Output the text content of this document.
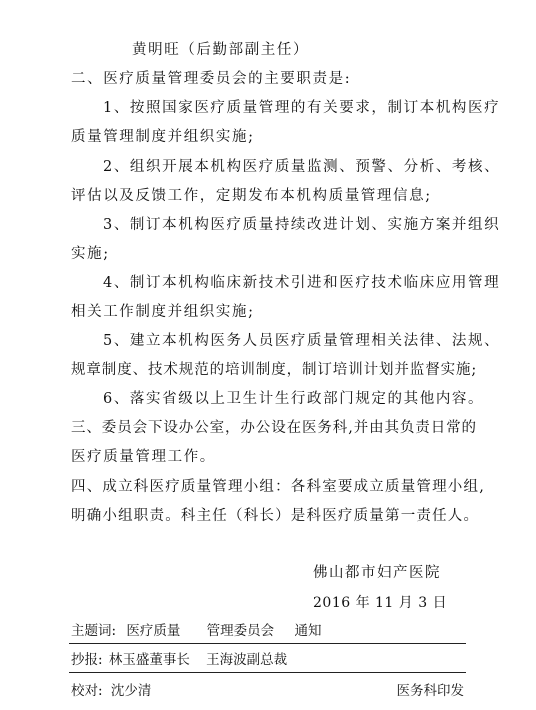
黄明旺（后勤部副主任）
二、医疗质量管理委员会的主要职责是:
1、按照国家医疗质量管理的有关要求，制订本机构医疗
质量管理制度并组织实施;
2、组织开展本机构医疗质量监测、预警、分析、考核、
评估以及反馈工作，定期发布本机构质量管理信息;
3、制订本机构医疗质量持续改进计划、实施方案并组织
实施;
4、制订本机构临床新技术引进和医疗技术临床应用管理
相关工作制度并组织实施;
5、建立本机构医务人员医疗质量管理相关法律、法规、
规章制度、技术规范的培训制度，制订培训计划并监督实施;
6、落实省级以上卫生计生行政部门规定的其他内容。
三、委员会下设办公室，办公设在医务科,并由其负责日常的
医疗质量管理工作。
四、成立科医疗质量管理小组：各科室要成立质量管理小组,
明确小组职责。科主任（科长）是科医疗质量第一责任人。
佛山都市妇产医院
2016 年 11 月 3 日
主题词: 医疗质量 管理委员会 通知
抄报: 林玉盛董事长 王海波副总裁
校对: 沈少清	医务科印发
